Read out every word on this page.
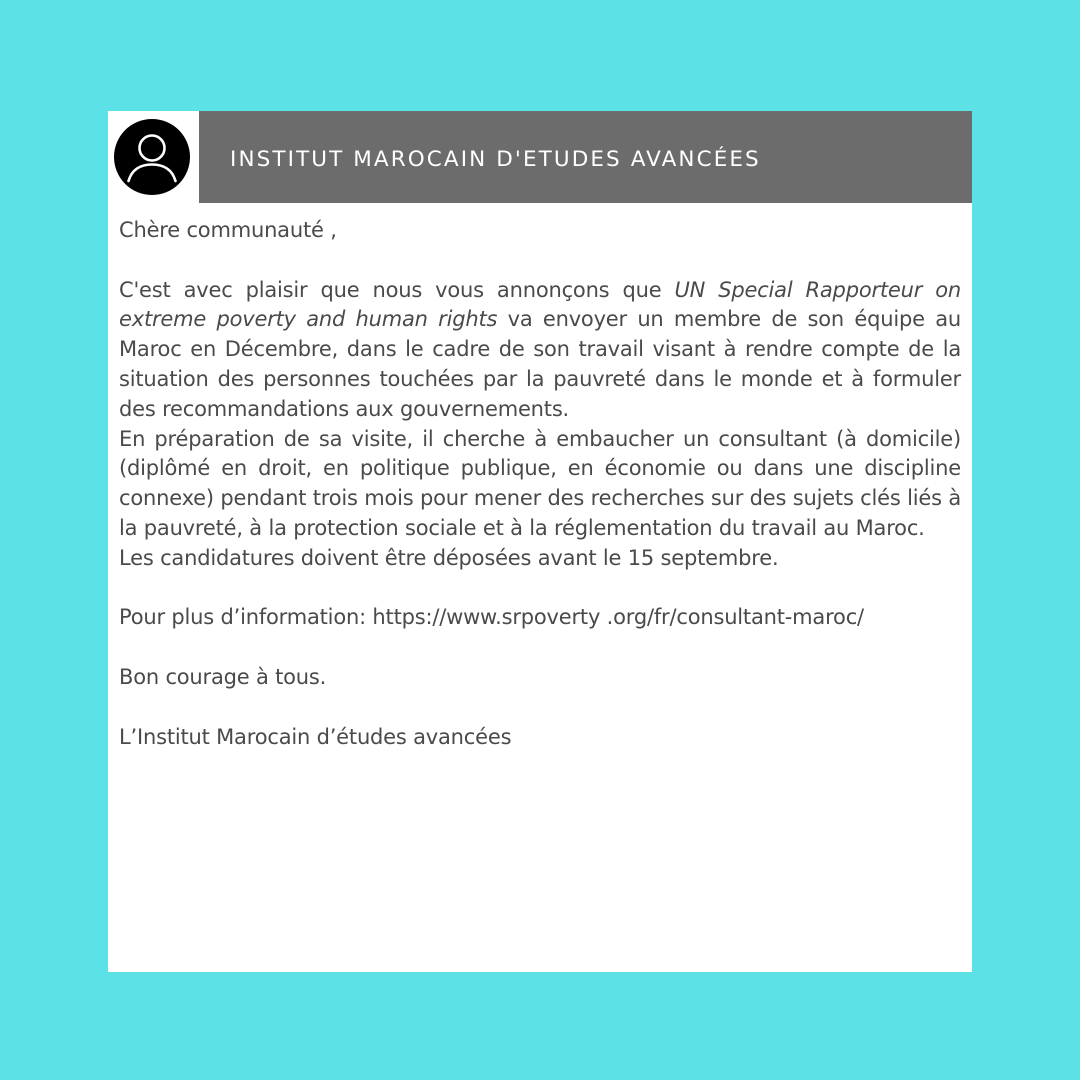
INSTITUT MAROCAIN D'ETUDES AVANCÉES

Chère communauté ,

C'est avec plaisir que nous vous annonçons que UN Special Rapporteur on extreme poverty and human rights va envoyer un membre de son équipe au Maroc en Décembre, dans le cadre de son travail visant à rendre compte de la situation des personnes touchées par la pauvreté dans le monde et à formuler des recommandations aux gouvernements.

En préparation de sa visite, il cherche à embaucher un consultant (à domicile) (diplômé en droit, en politique publique, en économie ou dans une discipline connexe) pendant trois mois pour mener des recherches sur des sujets clés liés à la pauvreté, à la protection sociale et à la réglementation du travail au Maroc.

Les candidatures doivent être déposées avant le 15 septembre.

Pour plus d’information: https://www.srpoverty .org/fr/consultant-maroc/

Bon courage à tous.

L’Institut Marocain d’études avancées
